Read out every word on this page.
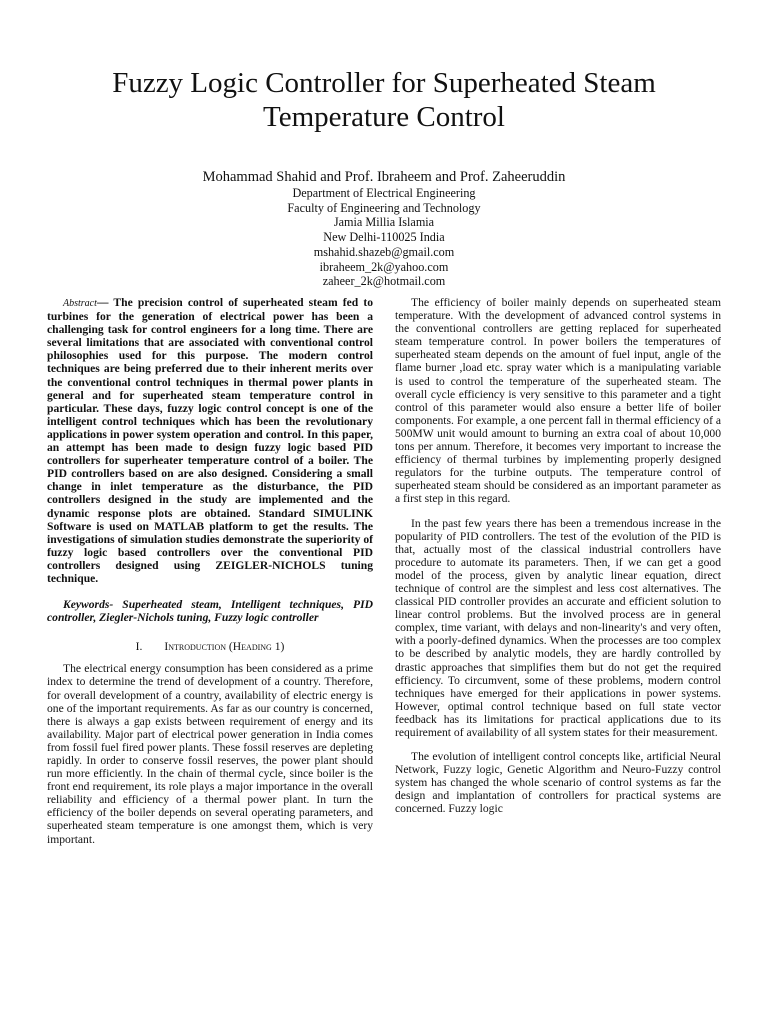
Fuzzy Logic Controller for Superheated Steam Temperature Control
Mohammad Shahid and Prof. Ibraheem and Prof. Zaheeruddin
Department of Electrical Engineering
Faculty of Engineering and Technology
Jamia Millia Islamia
New Delhi-110025 India
mshahid.shazeb@gmail.com
ibraheem_2k@yahoo.com
zaheer_2k@hotmail.com

Abstract— The precision control of superheated steam fed to turbines for the generation of electrical power has been a challenging task for control engineers for a long time. There are several limitations that are associated with conventional control philosophies used for this purpose. The modern control techniques are being preferred due to their inherent merits over the conventional control techniques in thermal power plants in general and for superheated steam temperature control in particular. These days, fuzzy logic control concept is one of the intelligent control techniques which has been the revolutionary applications in power system operation and control. In this paper, an attempt has been made to design fuzzy logic based PID controllers for superheater temperature control of a boiler. The PID controllers based on are also designed. Considering a small change in inlet temperature as the disturbance, the PID controllers designed in the study are implemented and the dynamic response plots are obtained. Standard SIMULINK Software is used on MATLAB platform to get the results. The investigations of simulation studies demonstrate the superiority of fuzzy logic based controllers over the conventional PID controllers designed using ZEIGLER-NICHOLS tuning technique.

Keywords- Superheated steam, Intelligent techniques, PID controller, Ziegler-Nichols tuning, Fuzzy logic controller

I. Introduction (Heading 1)

The electrical energy consumption has been considered as a prime index to determine the trend of development of a country. Therefore, for overall development of a country, availability of electric energy is one of the important requirements. As far as our country is concerned, there is always a gap exists between requirement of energy and its availability. Major part of electrical power generation in India comes from fossil fuel fired power plants. These fossil reserves are depleting rapidly. In order to conserve fossil reserves, the power plant should run more efficiently. In the chain of thermal cycle, since boiler is the front end requirement, its role plays a major importance in the overall reliability and efficiency of a thermal power plant. In turn the efficiency of the boiler depends on several operating parameters, and superheated steam temperature is one amongst them, which is very important.

The efficiency of boiler mainly depends on superheated steam temperature. With the development of advanced control systems in the conventional controllers are getting replaced for superheated steam temperature control. In power boilers the temperatures of superheated steam depends on the amount of fuel input, angle of the flame burner ,load etc. spray water which is a manipulating variable is used to control the temperature of the superheated steam. The overall cycle efficiency is very sensitive to this parameter and a tight control of this parameter would also ensure a better life of boiler components. For example, a one percent fall in thermal efficiency of a 500MW unit would amount to burning an extra coal of about 10,000 tons per annum. Therefore, it becomes very important to increase the efficiency of thermal turbines by implementing properly designed regulators for the turbine outputs. The temperature control of superheated steam should be considered as an important parameter as a first step in this regard.

In the past few years there has been a tremendous increase in the popularity of PID controllers. The test of the evolution of the PID is that, actually most of the classical industrial controllers have procedure to automate its parameters. Then, if we can get a good model of the process, given by analytic linear equation, direct technique of control are the simplest and less cost alternatives. The classical PID controller provides an accurate and efficient solution to linear control problems. But the involved process are in general complex, time variant, with delays and non-linearity's and very often, with a poorly-defined dynamics. When the processes are too complex to be described by analytic models, they are hardly controlled by drastic approaches that simplifies them but do not get the required efficiency. To circumvent, some of these problems, modern control techniques have emerged for their applications in power systems. However, optimal control technique based on full state vector feedback has its limitations for practical applications due to its requirement of availability of all system states for their measurement.

The evolution of intelligent control concepts like, artificial Neural Network, Fuzzy logic, Genetic Algorithm and Neuro-Fuzzy control system has changed the whole scenario of control systems as far the design and implantation of controllers for practical systems are concerned. Fuzzy logic
